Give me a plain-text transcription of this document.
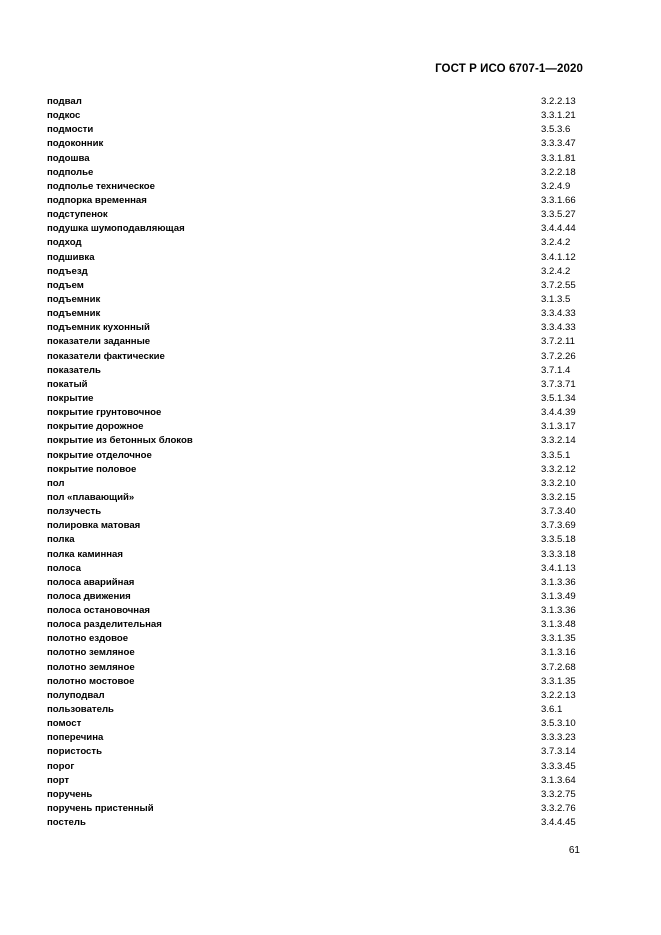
ГОСТ Р ИСО 6707-1—2020
подвал	3.2.2.13
подкос	3.3.1.21
подмости	3.5.3.6
подоконник	3.3.3.47
подошва	3.3.1.81
подполье	3.2.2.18
подполье техническое	3.2.4.9
подпорка временная	3.3.1.66
подступенок	3.3.5.27
подушка шумоподавляющая	3.4.4.44
подход	3.2.4.2
подшивка	3.4.1.12
подъезд	3.2.4.2
подъем	3.7.2.55
подъемник	3.1.3.5
подъемник	3.3.4.33
подъемник кухонный	3.3.4.33
показатели заданные	3.7.2.11
показатели фактические	3.7.2.26
показатель	3.7.1.4
покатый	3.7.3.71
покрытие	3.5.1.34
покрытие грунтовочное	3.4.4.39
покрытие дорожное	3.1.3.17
покрытие из бетонных блоков	3.3.2.14
покрытие отделочное	3.3.5.1
покрытие половое	3.3.2.12
пол	3.3.2.10
пол «плавающий»	3.3.2.15
ползучесть	3.7.3.40
полировка матовая	3.7.3.69
полка	3.3.5.18
полка каминная	3.3.3.18
полоса	3.4.1.13
полоса аварийная	3.1.3.36
полоса движения	3.1.3.49
полоса остановочная	3.1.3.36
полоса разделительная	3.1.3.48
полотно ездовое	3.3.1.35
полотно земляное	3.1.3.16
полотно земляное	3.7.2.68
полотно мостовое	3.3.1.35
полуподвал	3.2.2.13
пользователь	3.6.1
помост	3.5.3.10
поперечина	3.3.3.23
пористость	3.7.3.14
порог	3.3.3.45
порт	3.1.3.64
поручень	3.3.2.75
поручень пристенный	3.3.2.76
постель	3.4.4.45
61
